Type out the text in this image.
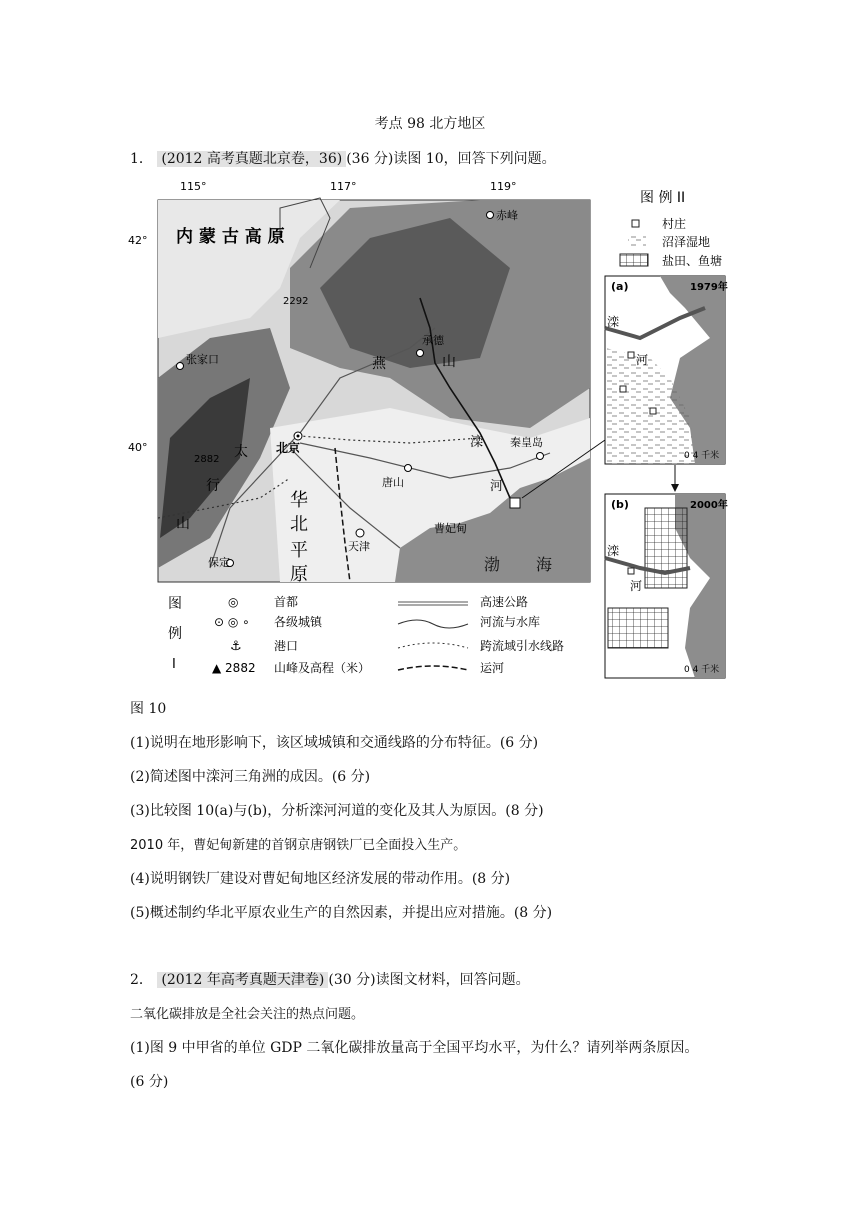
考点 98 北方地区
1． (2012 高考真题北京卷，36) (36 分)读图 10，回答下列问题。
115°	117°	119°
42°
40°
内 蒙 古 高 原
赤峰
2292
承德
燕	山
张家口
2882 太
行
山
北京	滦
河
秦皇岛
唐山
华
北
平
原
曹妃甸
天津
保定	渤 海
图
例
I
◎	首都
⊙ ◎ ∘ 各级城镇
⚓	港口
▲ 2882 山峰及高程（米）
高速公路
河流与水库
跨流域引水线路
运河
图 例 II
村庄
沼泽湿地
盐田、鱼塘
(a)	1979年
滦
河
0 4 千米
(b)	2000年
滦
河
0 4 千米
图 10
(1)说明在地形影响下，该区域城镇和交通线路的分布特征。(6 分)
(2)简述图中滦河三角洲的成因。(6 分)
(3)比较图 10(a)与(b)，分析滦河河道的变化及其人为原因。(8 分)
2010 年，曹妃甸新建的首钢京唐钢铁厂已全面投入生产。
(4)说明钢铁厂建设对曹妃甸地区经济发展的带动作用。(8 分)
(5)概述制约华北平原农业生产的自然因素，并提出应对措施。(8 分)
2． (2012 年高考真题天津卷) (30 分)读图文材料，回答问题。
二氧化碳排放是全社会关注的热点问题。
(1)图 9 中甲省的单位 GDP 二氧化碳排放量高于全国平均水平，为什么？请列举两条原因。
(6 分)
